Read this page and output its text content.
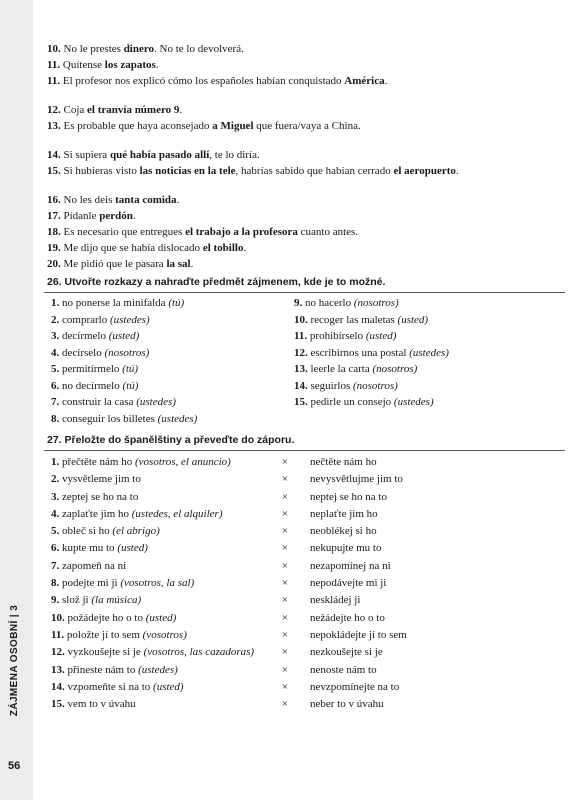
ZÁJMENA OSOBNÍ | 3
56
10. No le prestes dinero. No te lo devolverá.
11. Quítense los zapatos.
11. El profesor nos explicó cómo los españoles habían conquistado América.
12. Coja el tranvía número 9.
13. Es probable que haya aconsejado a Miguel que fuera/vaya a China.
14. Si supiera qué había pasado allí, te lo diría.
15. Si hubieras visto las noticias en la tele, habrías sabido que habían cerrado el aeropuerto.
16. No les deis tanta comida.
17. Pídanle perdón.
18. Es necesario que entregues el trabajo a la profesora cuanto antes.
19. Me dijo que se había dislocado el tobillo.
20. Me pidió que le pasara la sal.
26. Utvořte rozkazy a nahraďte předmět zájmenem, kde je to možné.
1. no ponerse la minifalda (tú)
2. comprarlo (ustedes)
3. decírmelo (usted)
4. decírselo (nosotros)
5. permitírmelo (tú)
6. no decírmelo (tú)
7. construir la casa (ustedes)
8. conseguir los billetes (ustedes)
9. no hacerlo (nosotros)
10. recoger las maletas (usted)
11. prohibírselo (usted)
12. escribirnos una postal (ustedes)
13. leerle la carta (nosotros)
14. seguirlos (nosotros)
15. pedirle un consejo (ustedes)
27. Přeložte do španělštiny a převeďte do záporu.
1. přečtěte nám ho (vosotros, el anuncio)	×	nečtěte nám ho
2. vysvětleme jim to	×	nevysvětlujme jim to
3. zeptej se ho na to	×	neptej se ho na to
4. zaplaťte jim ho (ustedes, el alquiler)	×	neplaťte jim ho
5. obleč si ho (el abrigo)	×	neoblékej si ho
6. kupte mu to (usted)	×	nekupujte mu to
7. zapomeň na ni	×	nezapomínej na ni
8. podejte mi ji (vosotros, la sal)	×	nepodávejte mi ji
9. slož ji (la música)	×	neskládej ji
10. požádejte ho o to (usted)	×	nežádejte ho o to
11. položte jí to sem (vosotros)	×	nepokládejte jí to sem
12. vyzkoušejte si je (vosotros, las cazadoras)	×	nezkoušejte si je
13. přineste nám to (ustedes)	×	nenoste nám to
14. vzpomeňte si na to (usted)	×	nevzpomínejte na to
15. vem to v úvahu	×	neber to v úvahu
